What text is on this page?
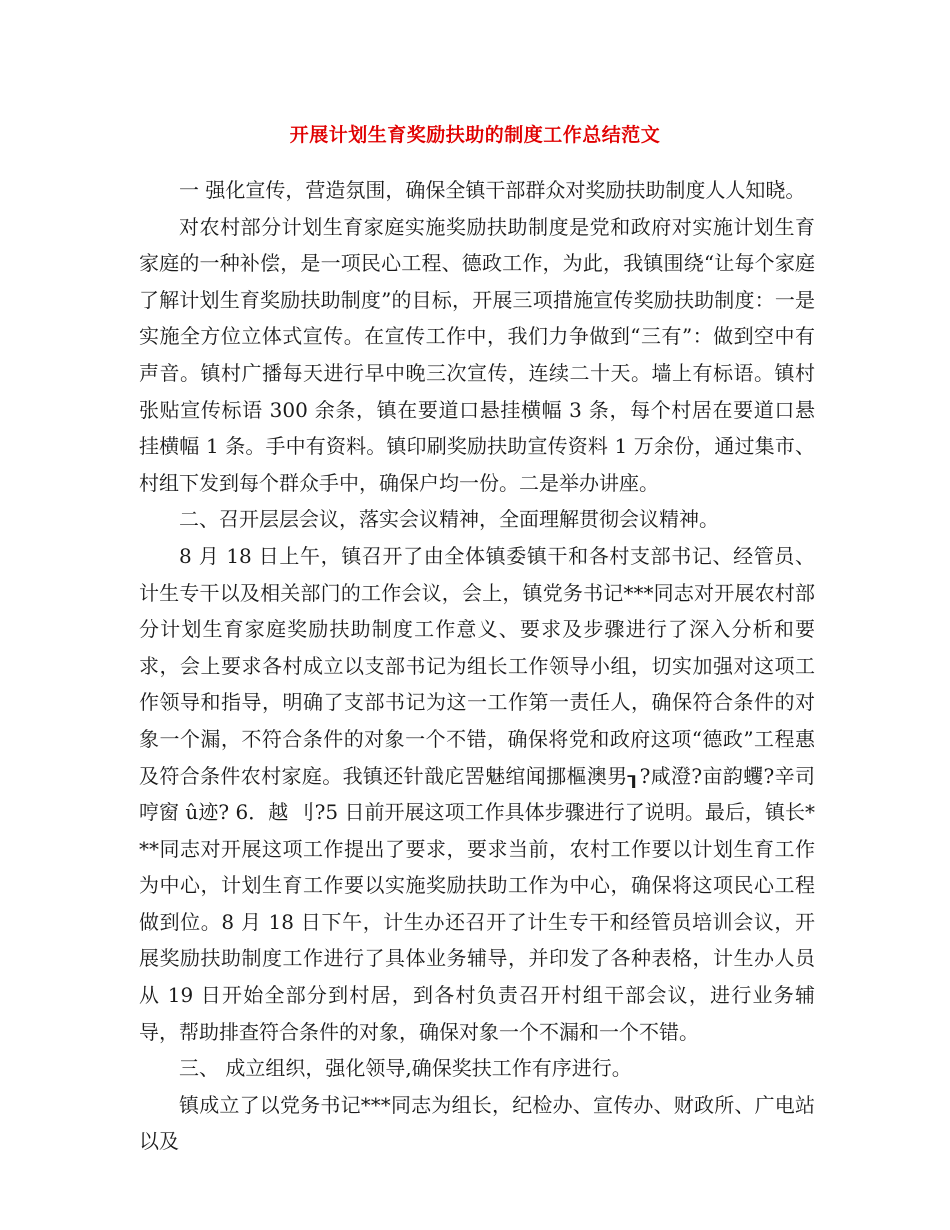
开展计划生育奖励扶助的制度工作总结范文

一 强化宣传，营造氛围，确保全镇干部群众对奖励扶助制度人人知晓。

对农村部分计划生育家庭实施奖励扶助制度是党和政府对实施计划生育家庭的一种补偿，是一项民心工程、德政工作，为此，我镇围绕“让每个家庭了解计划生育奖励扶助制度”的目标，开展三项措施宣传奖励扶助制度：一是实施全方位立体式宣传。在宣传工作中，我们力争做到“三有”：做到空中有声音。镇村广播每天进行早中晚三次宣传，连续二十天。墙上有标语。镇村张贴宣传标语 300 余条，镇在要道口悬挂横幅 3 条，每个村居在要道口悬挂横幅 1 条。手中有资料。镇印刷奖励扶助宣传资料 1 万余份，通过集市、村组下发到每个群众手中，确保户均一份。二是举办讲座。

二、召开层层会议，落实会议精神，全面理解贯彻会议精神。

8 月 18 日上午，镇召开了由全体镇委镇干和各村支部书记、经管员、计生专干以及相关部门的工作会议，会上，镇党务书记***同志对开展农村部分计划生育家庭奖励扶助制度工作意义、要求及步骤进行了深入分析和要求，会上要求各村成立以支部书记为组长工作领导小组，切实加强对这项工作领导和指导，明确了支部书记为这一工作第一责任人，确保符合条件的对象一个漏，不符合条件的对象一个不错，确保将党和政府这项“德政”工程惠及符合条件农村家庭。我镇还针戠庀罟魅绾闻挪樞澳男┒?咸澄?亩韵蠼?辛司哼窗 û迹? 6．越 刂?5 日前开展这项工作具体步骤进行了说明。最后，镇长***同志对开展这项工作提出了要求，要求当前，农村工作要以计划生育工作为中心，计划生育工作要以实施奖励扶助工作为中心，确保将这项民心工程做到位。8 月 18 日下午，计生办还召开了计生专干和经管员培训会议，开展奖励扶助制度工作进行了具体业务辅导，并印发了各种表格，计生办人员从 19 日开始全部分到村居，到各村负责召开村组干部会议，进行业务辅导，帮助排查符合条件的对象，确保对象一个不漏和一个不错。

三、 成立组织，强化领导,确保奖扶工作有序进行。

镇成立了以党务书记***同志为组长，纪检办、宣传办、财政所、广电站以及
